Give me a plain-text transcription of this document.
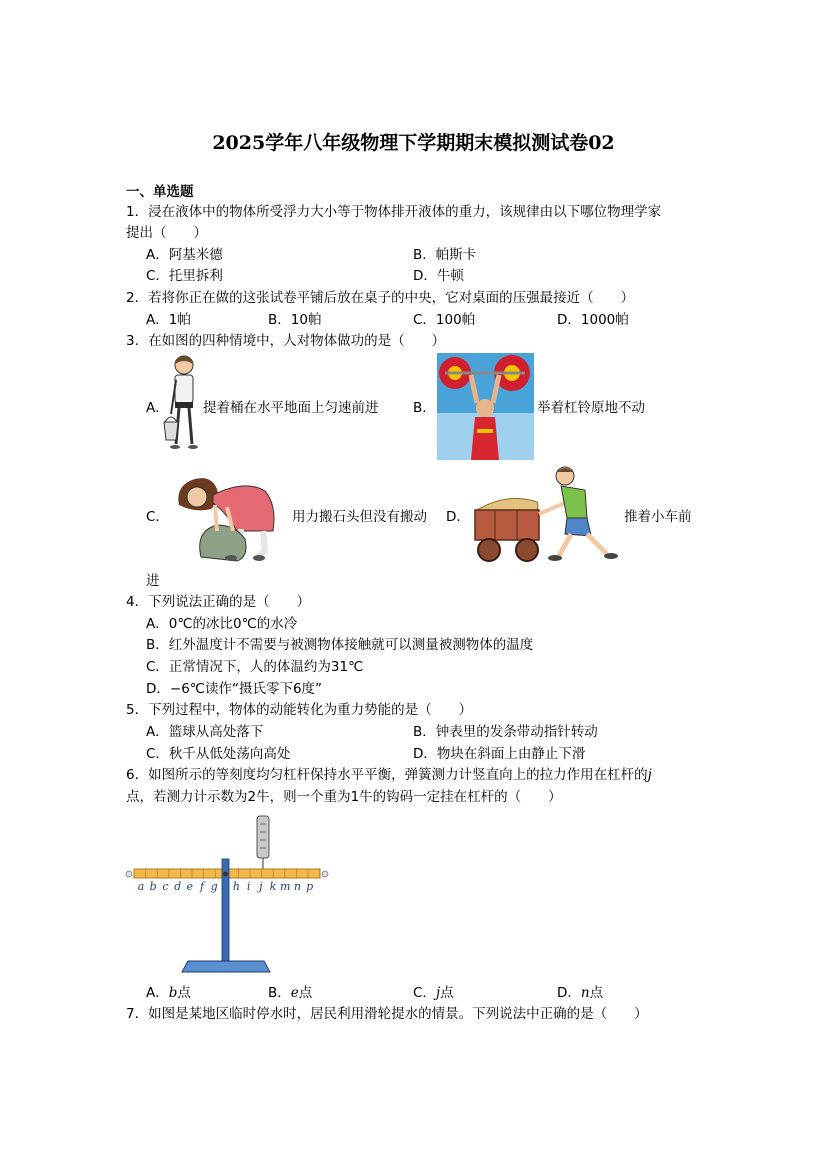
2025学年八年级物理下学期期末模拟测试卷02
一、单选题
1．浸在液体中的物体所受浮力大小等于物体排开液体的重力，该规律由以下哪位物理学家
提出（　　）
A．阿基米德	B．帕斯卡
C．托里拆利	D．牛顿
2．若将你正在做的这张试卷平铺后放在桌子的中央，它对桌面的压强最接近（　　）
A．1帕	B．10帕	C．100帕	D．1000帕
3．在如图的四种情境中，人对物体做功的是（　　）
A．	提着桶在水平地面上匀速前进	B．	举着杠铃原地不动
C．	用力搬石头但没有搬动 D．	推着小车前
进
4．下列说法正确的是（　　）
A．0℃的冰比0℃的水冷
B．红外温度计不需要与被测物体接触就可以测量被测物体的温度
C．正常情况下，人的体温约为31℃
D．−6℃读作“摄氏零下6度”
5．下列过程中，物体的动能转化为重力势能的是（　　）
A．篮球从高处落下	B．钟表里的发条带动指针转动
C．秋千从低处荡向高处	D．物块在斜面上由静止下滑
6．如图所示的等刻度均匀杠杆保持水平平衡，弹簧测力计竖直向上的拉力作用在杠杆的j
点，若测力计示数为2牛，则一个重为1牛的钩码一定挂在杠杆的（　　）
a b c d e f g h i j k m n p
A．b点	B．e点	C．j点	D．n点
7．如图是某地区临时停水时，居民利用滑轮提水的情景。下列说法中正确的是（　　）
